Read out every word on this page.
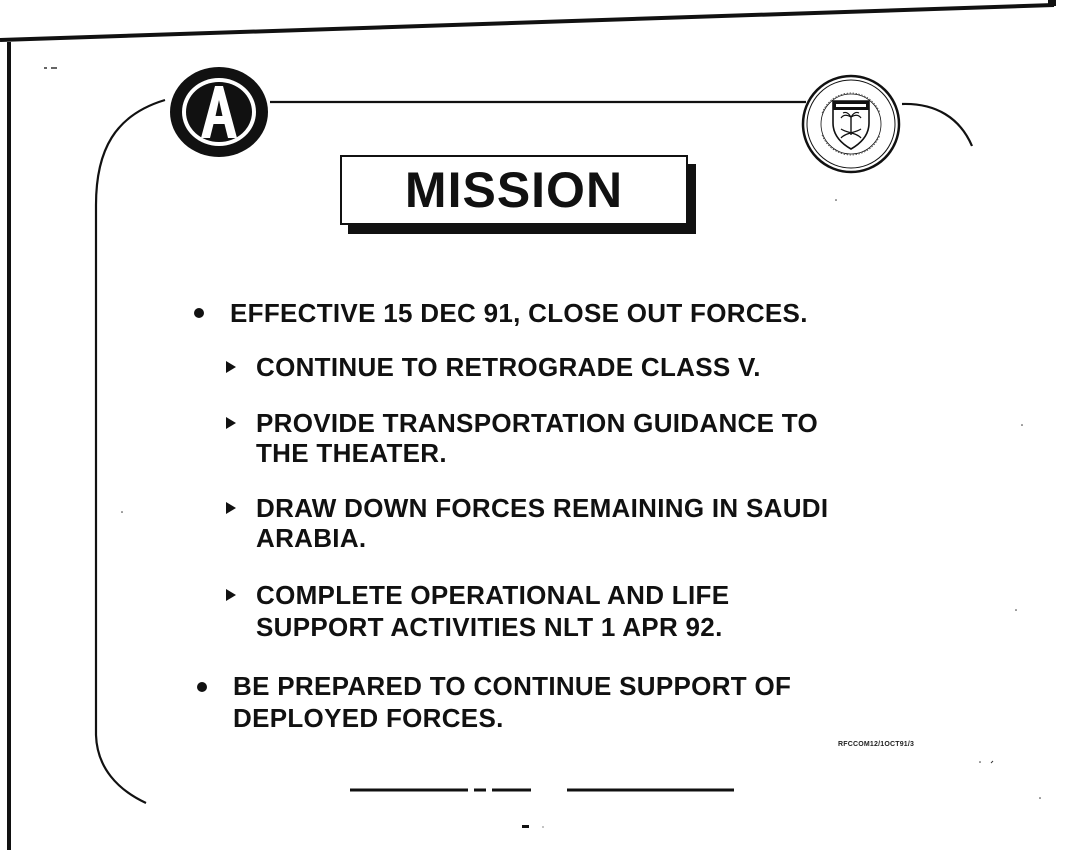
MISSION
EFFECTIVE 15 DEC 91, CLOSE OUT FORCES.
CONTINUE TO RETROGRADE CLASS V.
PROVIDE TRANSPORTATION GUIDANCE TO
THE THEATER.
DRAW DOWN FORCES REMAINING IN SAUDI
ARABIA.
COMPLETE OPERATIONAL AND LIFE
SUPPORT ACTIVITIES NLT 1 APR 92.
BE PREPARED TO CONTINUE SUPPORT OF
DEPLOYED FORCES.
RFCCOM12/1OCT91/3
